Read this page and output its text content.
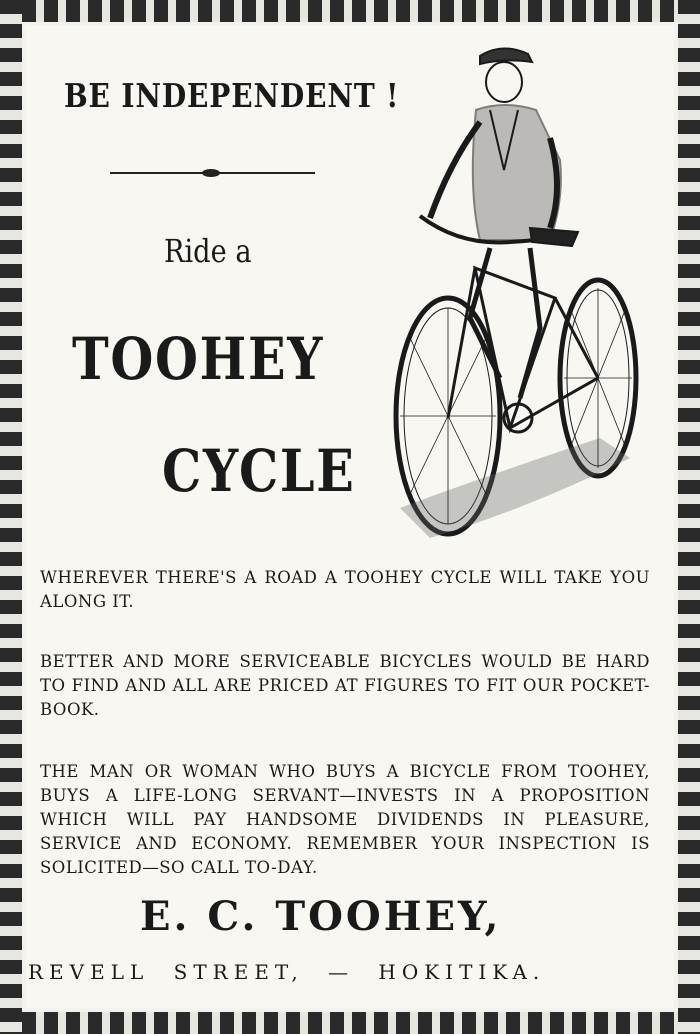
BE INDEPENDENT !
Ride a
TOOHEY
CYCLE
WHEREVER THERE'S A ROAD A TOOHEY CYCLE WILL TAKE YOU ALONG IT.
BETTER AND MORE SERVICEABLE BICYCLES WOULD BE HARD TO FIND AND ALL ARE PRICED AT FIGURES TO FIT OUR POCKET-BOOK.
THE MAN OR WOMAN WHO BUYS A BICYCLE FROM TOOHEY, BUYS A LIFE-LONG SERVANT—INVESTS IN A PROPOSITION WHICH WILL PAY HANDSOME DIVIDENDS IN PLEASURE, SERVICE AND ECONOMY. REMEMBER YOUR INSPECTION IS SOLICITED—SO CALL TO-DAY.
E. C. TOOHEY,
REVELL STREET, — HOKITIKA.
